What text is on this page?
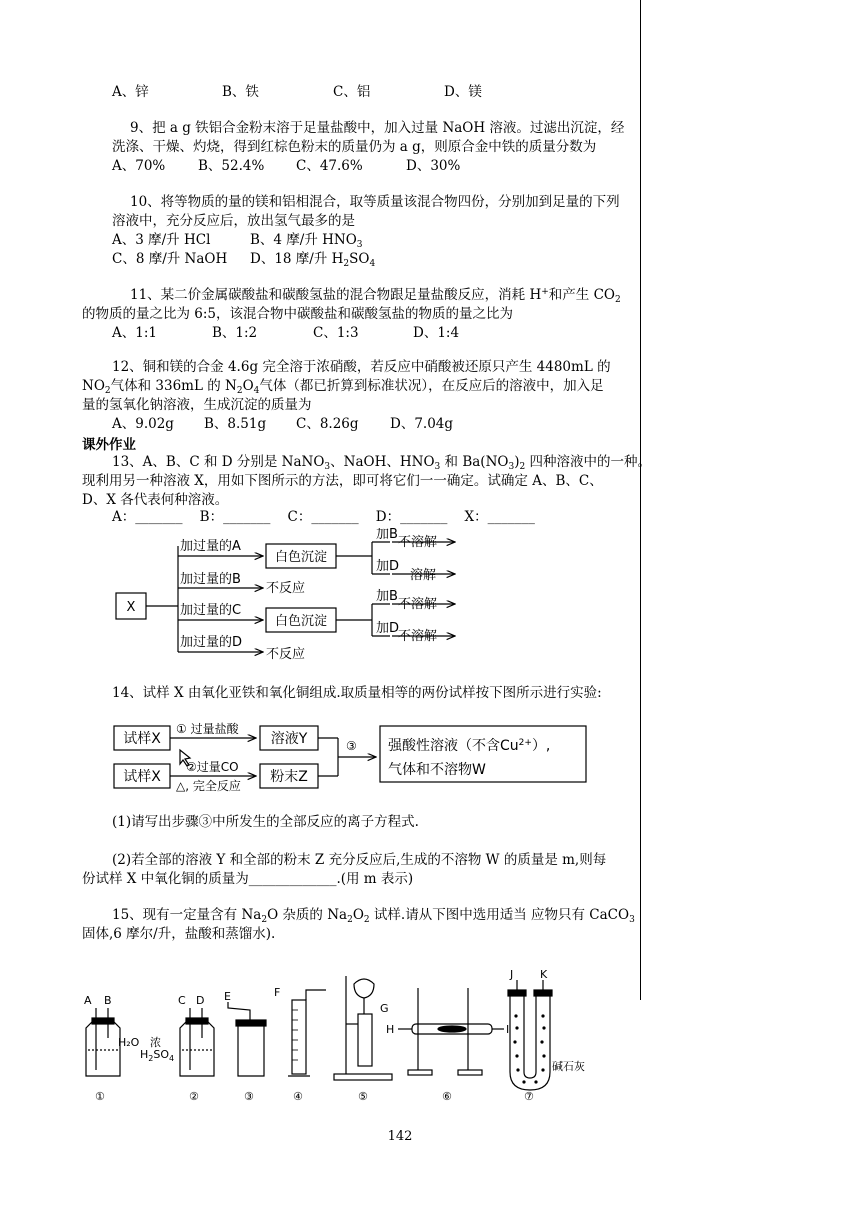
A、锌	B、铁	C、铝	D、镁
9、把 a g 铁铝合金粉末溶于足量盐酸中，加入过量 NaOH 溶液。过滤出沉淀，经
洗涤、干燥、灼烧，得到红棕色粉末的质量仍为 a g，则原合金中铁的质量分数为
A、70% B、52.4% C、47.6%	D、30%
10、将等物质的量的镁和铝相混合，取等质量该混合物四份，分别加到足量的下列
溶液中，充分反应后，放出氢气最多的是
A、3 摩/升 HCl	B、4 摩/升 $HNO_3$
C、8 摩/升 NaOH D、18 摩/升 $H_2SO_4$
11、某二价金属碳酸盐和碳酸氢盐的混合物跟足量盐酸反应，消耗 H+和产生 $CO_2$
的物质的量之比为 6:5，该混合物中碳酸盐和碳酸氢盐的物质的量之比为
A、1:1	B、1:2	C、1:3	D、1:4
12、铜和镁的合金 4.6g 完全溶于浓硝酸，若反应中硝酸被还原只产生 4480mL 的
$NO_2$气体和 336mL 的 $N_2O_4$气体（都已折算到标准状况），在反应后的溶液中，加入足
量的氢氧化钠溶液，生成沉淀的质量为
A、9.02g B、8.51g C、8.26g D、7.04g
课外作业
13、A、B、C 和 D 分别是 NaNO$_3$、NaOH、$HNO_3$ 和 $Ba(NO_3)_2$ 四种溶液中的一种。
现利用另一种溶液 X，用如下图所示的方法，即可将它们一一确定。试确定 A、B、C、
D、X 各代表何种溶液。
A：_______    B：_______    C：_______    D：_______    X：_______
X
加过量的A
加过量的B
加过量的C
加过量的D
白色沉淀
不反应
白色沉淀
不反应
加B
不溶解
加D
溶解
加B
不溶解
加D
不溶解
14、试样 X 由氧化亚铁和氧化铜组成.取质量相等的两份试样按下图所示进行实验:
试样X
试样X
溶液Y
粉末Z
强酸性溶液（不含$Cu^{2+}$）,
气体和不溶物W
① 过量盐酸
②过量CO
△, 完全反应
③
(1)请写出步骤③中所发生的全部反应的离子方程式.
(2)若全部的溶液 Y 和全部的粉末 Z 充分反应后,生成的不溶物 W 的质量是 m,则每
份试样 X 中氧化铜的质量为_____________.(用 m 表示)
15、现有一定量含有 $Na_2O$ 杂质的 $Na_2O_2$ 试样.请从下图中选用适当 应物只有 CaCO$_3$
固体,6 摩尔/升，盐酸和蒸馏水).
A B	C D E	F
G
H	I
J K
H₂O 浓
$H_2SO_4$
碱石灰
①	②	③	④	⑤	⑥	⑦
142
